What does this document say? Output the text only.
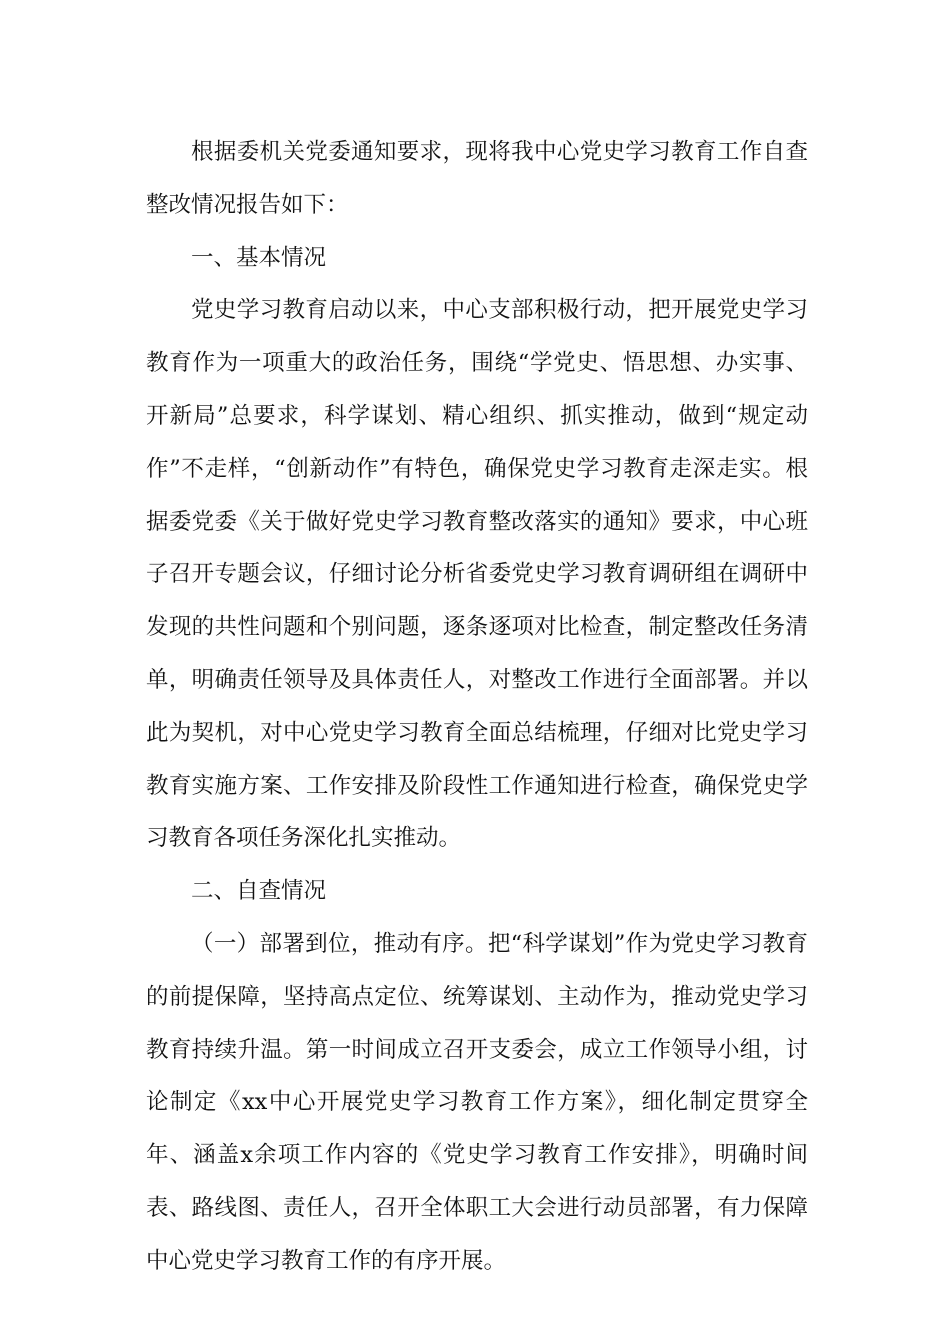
根据委机关党委通知要求，现将我中心党史学习教育工作自查整改情况报告如下：

一、基本情况

党史学习教育启动以来，中心支部积极行动，把开展党史学习教育作为一项重大的政治任务，围绕“学党史、悟思想、办实事、开新局”总要求，科学谋划、精心组织、抓实推动，做到“规定动作”不走样，“创新动作”有特色，确保党史学习教育走深走实。根据委党委《关于做好党史学习教育整改落实的通知》要求，中心班子召开专题会议，仔细讨论分析省委党史学习教育调研组在调研中发现的共性问题和个别问题，逐条逐项对比检查，制定整改任务清单，明确责任领导及具体责任人，对整改工作进行全面部署。并以此为契机，对中心党史学习教育全面总结梳理，仔细对比党史学习教育实施方案、工作安排及阶段性工作通知进行检查，确保党史学习教育各项任务深化扎实推动。

二、自查情况

（一）部署到位，推动有序。把“科学谋划”作为党史学习教育的前提保障，坚持高点定位、统筹谋划、主动作为，推动党史学习教育持续升温。第一时间成立召开支委会，成立工作领导小组，讨论制定《xx中心开展党史学习教育工作方案》，细化制定贯穿全年、涵盖x余项工作内容的《党史学习教育工作安排》，明确时间表、路线图、责任人，召开全体职工大会进行动员部署，有力保障中心党史学习教育工作的有序开展。
